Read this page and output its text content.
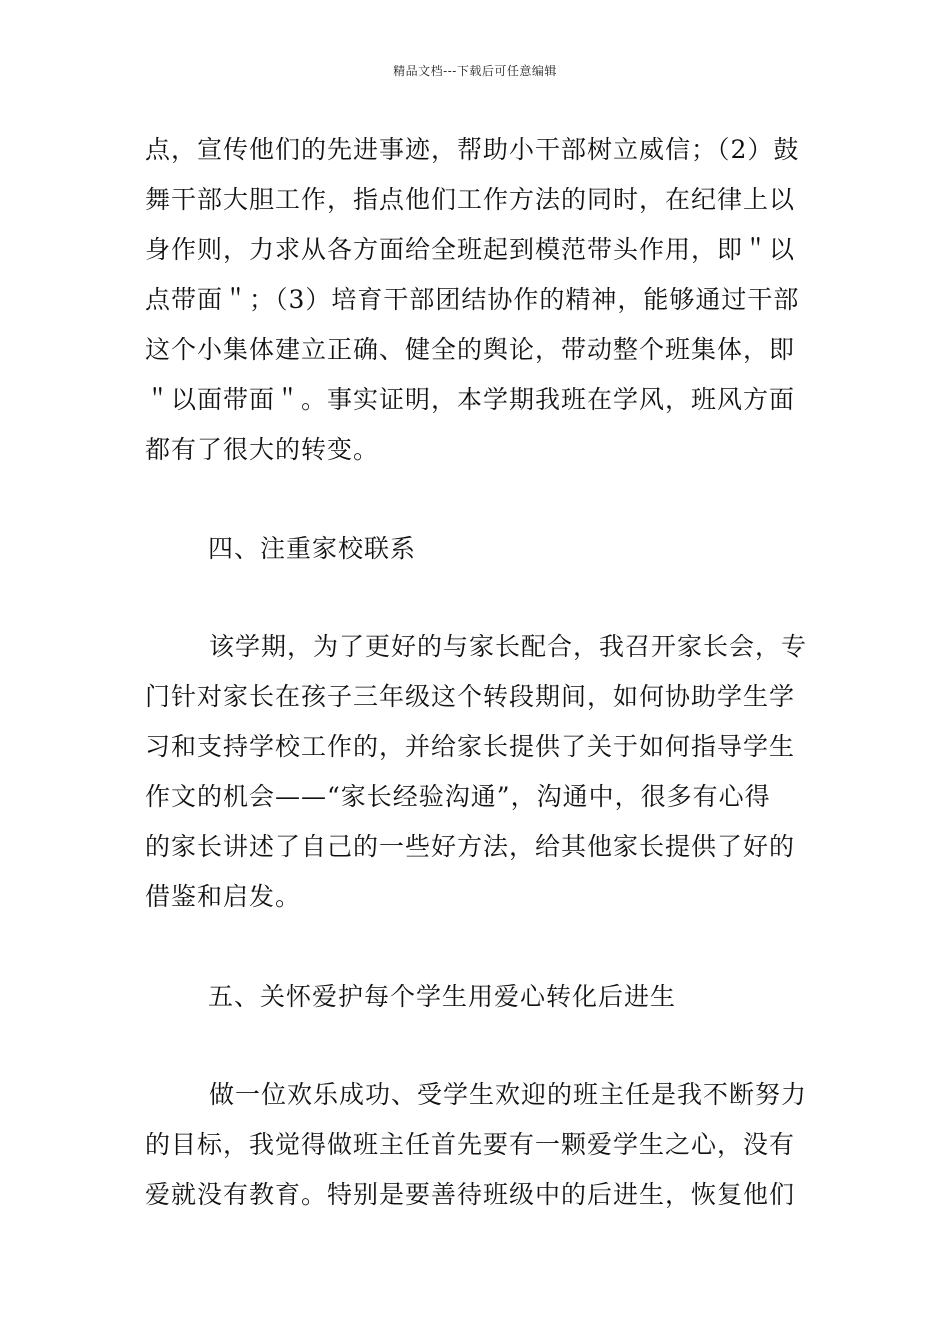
精品文档---下载后可任意编辑
点，宣传他们的先进事迹，帮助小干部树立威信；（2）鼓
舞干部大胆工作，指点他们工作方法的同时，在纪律上以
身作则，力求从各方面给全班起到模范带头作用，即＂以
点带面＂；（3）培育干部团结协作的精神，能够通过干部
这个小集体建立正确、健全的舆论，带动整个班集体，即
＂以面带面＂。事实证明，本学期我班在学风，班风方面
都有了很大的转变。
四、注重家校联系
该学期，为了更好的与家长配合，我召开家长会，专
门针对家长在孩子三年级这个转段期间，如何协助学生学
习和支持学校工作的，并给家长提供了关于如何指导学生
作文的机会——“家长经验沟通”，沟通中，很多有心得
的家长讲述了自己的一些好方法，给其他家长提供了好的
借鉴和启发。
五、关怀爱护每个学生用爱心转化后进生
做一位欢乐成功、受学生欢迎的班主任是我不断努力
的目标，我觉得做班主任首先要有一颗爱学生之心，没有
爱就没有教育。特别是要善待班级中的后进生，恢复他们
